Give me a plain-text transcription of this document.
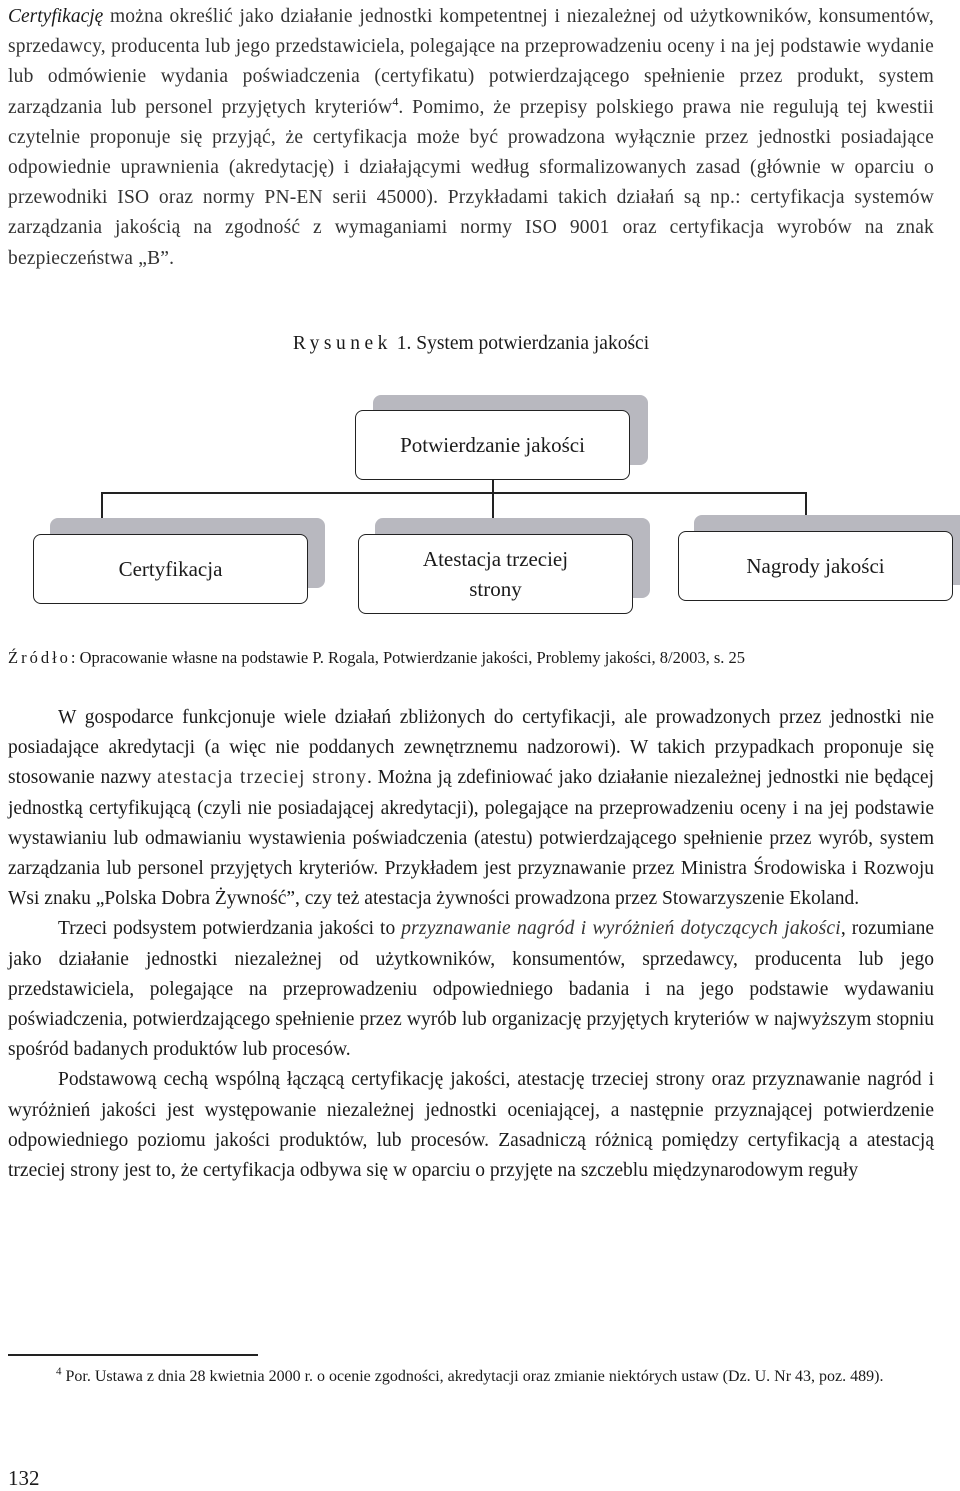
Certyfikację można określić jako działanie jednostki kompetentnej i niezależnej od użytkowników, konsumentów, sprzedawcy, producenta lub jego przedstawiciela, polegające na przeprowadzeniu oceny i na jej podstawie wydanie lub odmówienie wydania poświadczenia (certyfikatu) potwierdzającego spełnienie przez produkt, system zarządzania lub personel przyjętych kryteriów$^4$. Pomimo, że przepisy polskiego prawa nie regulują tej kwestii czytelnie proponuje się przyjąć, że certyfikacja może być prowadzona wyłącznie przez jednostki posiadające odpowiednie uprawnienia (akredytację) i działającymi według sformalizowanych zasad (głównie w oparciu o przewodniki ISO oraz normy PN-EN serii 45000). Przykładami takich działań są np.: certyfikacja systemów zarządzania jakością na zgodność z wymaganiami normy ISO 9001 oraz certyfikacja wyrobów na znak bezpieczeństwa „B”.

Rysunek 1. System potwierdzania jakości
Potwierdzanie jakości
Certyfikacja	Atestacja trzeciej strony
Nagrody jakości
Źródło: Opracowanie własne na podstawie P. Rogala, Potwierdzanie jakości, Problemy jakości, 8/2003, s. 25

W gospodarce funkcjonuje wiele działań zbliżonych do certyfikacji, ale prowadzonych przez jednostki nie posiadające akredytacji (a więc nie poddanych zewnętrznemu nadzorowi). W takich przypadkach proponuje się stosowanie nazwy atestacja trzeciej strony. Można ją zdefiniować jako działanie niezależnej jednostki nie będącej jednostką certyfikującą (czyli nie posiadającej akredytacji), polegające na przeprowadzeniu oceny i na jej podstawie wystawianiu lub odmawianiu wystawienia poświadczenia (atestu) potwierdzającego spełnienie przez wyrób, system zarządzania lub personel przyjętych kryteriów. Przykładem jest przyznawanie przez Ministra Środowiska i Rozwoju Wsi znaku „Polska Dobra Żywność”, czy też atestacja żywności prowadzona przez Stowarzyszenie Ekoland.

Trzeci podsystem potwierdzania jakości to przyznawanie nagród i wyróżnień dotyczących jakości, rozumiane jako działanie jednostki niezależnej od użytkowników, konsumentów, sprzedawcy, producenta lub jego przedstawiciela, polegające na przeprowadzeniu odpowiedniego badania i na jego podstawie wydawaniu poświadczenia, potwierdzającego spełnienie przez wyrób lub organizację przyjętych kryteriów w najwyższym stopniu spośród badanych produktów lub procesów.

Podstawową cechą wspólną łączącą certyfikację jakości, atestację trzeciej strony oraz przyznawanie nagród i wyróżnień jakości jest występowanie niezależnej jednostki oceniającej, a następnie przyznającej potwierdzenie odpowiedniego poziomu jakości produktów, lub procesów. Zasadniczą różnicą pomiędzy certyfikacją a atestacją trzeciej strony jest to, że certyfikacja odbywa się w oparciu o przyjęte na szczeblu międzynarodowym reguły

$^4$ Por. Ustawa z dnia 28 kwietnia 2000 r. o ocenie zgodności, akredytacji oraz zmianie niektórych ustaw (Dz. U. Nr 43, poz. 489).
132
